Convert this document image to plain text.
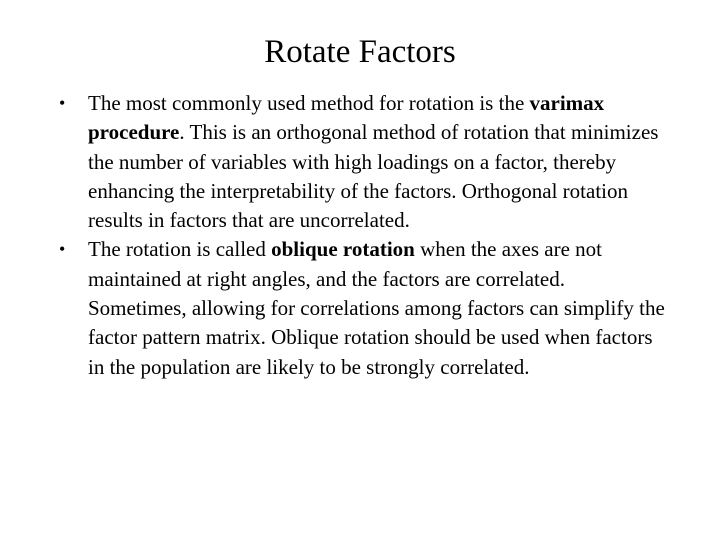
Rotate Factors
• The most commonly used method for rotation is the varimax procedure. This is an orthogonal method of rotation that minimizes the number of variables with high loadings on a factor, thereby enhancing the interpretability of the factors. Orthogonal rotation results in factors that are uncorrelated.
• The rotation is called oblique rotation when the axes are not maintained at right angles, and the factors are correlated. Sometimes, allowing for correlations among factors can simplify the factor pattern matrix. Oblique rotation should be used when factors in the population are likely to be strongly correlated.
